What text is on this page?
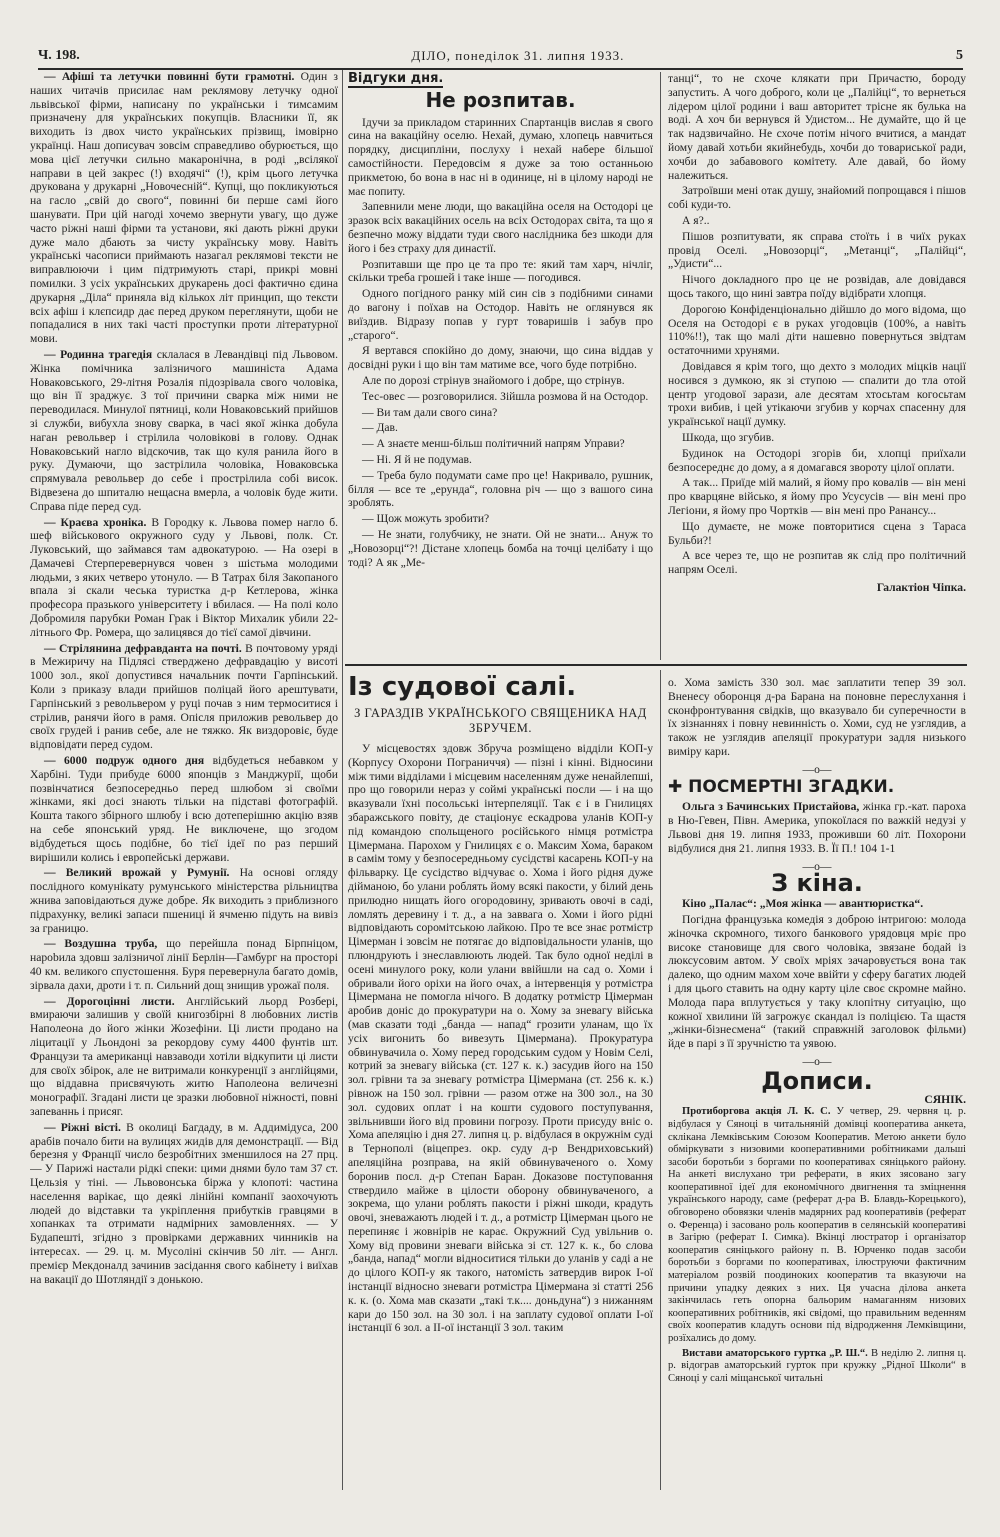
Ч. 198.	ДІЛО, понеділок 31. липня 1933.	5

— Афіші та летучки повинні бути грамотні. Один з наших читачів присилає нам реклямову летучку одної львівської фірми, написану по українськи і тимсамим призначену для українських покупців. Власники її, як виходить із двох чисто українських прізвищ, імовірно українці. Наш дописувач зовсім справедливо обурюється, що мова цієї летучки сильно макаронічна, в роді „всілякої направи в цей закрес (!) входячі“ (!), крім цього летучка друкована у друкарні „Новочесній“. Купці, що покликуються на гасло „свій до свого“, повинні би перше самі його шанувати. При цій нагоді хочемо звернути увагу, що дуже часто ріжні наші фірми та установи, які дають ріжні друки дуже мало дбають за чисту українську мову. Навіть українські часописи приймають назагал реклямові тексти не виправлюючи і цим підтримують старі, прикрі мовні помилки. З усіх українських друкарень досі фактично єдина друкарня „Діла“ приняла від кількох літ принцип, що тексти всіх афіш і клєпсидр дає перед друком переглянути, щоби не попадалися в них такі часті проступки проти літературної мови.

— Родинна трагедія склалася в Левандівці під Львовом. Жінка помічника залізничого машиніста Адама Новаковського, 29-літня Розалія підозрівала свого чоловіка, що він її зраджує. З тої причини сварка між ними не переводилася. Минулої пятниці, коли Новаковський прийшов зі служби, вибухла знову сварка, в часі якої жінка добула наган револьвер і стрілила чоловікові в голову. Однак Новаковський нагло відскочив, так що куля ранила його в руку. Думаючи, що застрілила чоловіка, Новаковська спрямувала револьвер до себе і прострілила собі висок. Відвезена до шпиталю нещасна вмерла, а чоловік буде жити. Справа піде перед суд.

— Краєва хроніка. В Городку к. Львова помер нагло б. шеф військового окружного суду у Львові, полк. Ст. Луковський, що займався там адвокатурою. — На озері в Дамачеві Стерперевернувся човен з шістьма молодими людьми, з яких четверо утонуло. — В Татрах біля Закопаного впала зі скали чеська туристка д-р Кетлерова, жінка професора празького університету і вбилася. — На полі коло Добромиля парубки Роман Грак і Віктор Михалик убили 22-літнього Фр. Ромера, що залицявся до тієї самої дівчини.

— Стрілянина дефравданта на почті. В почтовому уряді в Межиричу на Підлясі стверджено дефравдацію у висоті 1000 зол., якої допустився начальник почти Гарпінський. Коли з приказу влади прийшов поліцай його арештувати, Гарпінський з револьвером у руці почав з ним термоситися і стрілив, ранячи його в рамя. Опісля приложив револьвер до своїх грудей і ранив себе, але не тяжко. Як виздоровіє, буде відповідати перед судом.

— 6000 подруж одного дня відбудеться небавком у Харбіні. Туди прибуде 6000 японців з Манджурії, щоби позвінчатися безпосередньо перед шлюбом зі своїми жінками, які досі знають тільки на підставі фотографій. Кошта такого збірного шлюбу і всю дотеперішню акцію взяв на себе японський уряд. Не виключене, що згодом відбудеться щось подібне, бо тієї ідеї по раз перший вирішили колись і европейські держави.

— Великий врожай у Румунії. На основі огляду послідного комунікату румунського міністерства рільництва жнива заповідаються дуже добре. Як виходить з приблизного підрахунку, великі запаси пшениці й ячменю підуть на вивіз за границю.

— Воздушна труба, що перейшла понад Бірпніцом, нарobила здовш залізничої лінії Берлін—Гамбург на просторі 40 км. великого спустошення. Буря перевернула багато домів, зірвала дахи, дроти і т. п. Сильний дощ знищив урожаї поля.

— Дорогоцінні листи. Англійський льорд Розбері, вмираючи залишив у своїй книгозбірні 8 любовних листів Наполеона до його жінки Жозефіни. Ці листи продано на ліцитації у Льондоні за рекордову суму 4400 фунтів шт. Французи та американці навзаводи хотіли відкупити ці листи для своїх збірок, але не витримали конкуренції з англійцями, що віддавна присвячують житю Наполеона величезні монографії. Згадані листи це зразки любовної ніжності, повні запеваннь і присяг.

— Ріжні вісті. В околиці Багдаду, в м. Аддимідуса, 200 арабів почало бити на вулицях жидів для демонстрації. — Від березня у Франції число безробітних зменшилося на 27 прц. — У Парижі настали рідкі спеки: цими днями було там 37 ст. Цельзія у тіні. — Львовонська біржа у клопоті: частина населення варікає, що деякі лінійні компанії заохочують людей до відставки та укріплення прибутків гравцями в хопанках та отримати надмірних замовленнях. — У Будапешті, згідно з провірками державних чинників на інтересах. — 29. ц. м. Мусоліні скінчив 50 літ. — Англ. премієр Мекдоналд зачинив засідання свого кабінету і виїхав на вакації до Шотляндії з донькою.

Відгуки дня.
Не розпитав.

Ідучи за прикладом старинних Спартанців вислав я свого сина на вакаційну оселю. Нехай, думаю, хлопець навчиться порядку, дисципліни, послуху і нехай набере більшої самостійности. Передовсім я дуже за тою останньою прикметою, бо вона в нас ні в одинице, ні в цілому народі не має попиту.

Запевнили мене люди, що вакаційна оселя на Остодорі це зразок всіх вакаційних осель на всіх Остодорах світа, та що я безпечно можу віддати туди свого наслідника без шкоди для його і без страху для династії.

Розпитавши ще про це та про те: який там харч, нічліг, скільки треба грошей і таке інше — погодився.

Одного погідного ранку мій син сів з подібними синами до вагону і поїхав на Остодор. Навіть не оглянувся як виїздив. Відразу попав у гурт товаришів і забув про „старого“.

Я вертався спокійно до дому, знаючи, що сина віддав у досвідні руки і що він там матиме все, чого буде потрібно.

Але по дорозі стрінув знайомого і добре, що стрінув.

Тес-овес — розговорилися. Зійшла розмова й на Остодор.

— Ви там дали свого сина?

— Дав.

— А знаєте менш-більш політичний напрям Управи?

— Ні. Я й не подумав.

— Треба було подумати саме про це! Накривало, рушник, білля — все те „ерунда“, головна річ — що з вашого сина зроблять.

— Щож можуть зробити?

— Не знати, голубчику, не знати. Ой не знати... Ануж то „Новозорці“?! Дістане хлопець бомба на точці целібату і що тоді? А як „Ме-

танці“, то не схоче клякати при Причастю, бороду запустить. А чого доброго, коли це „Палійці“, то вернеться лідером цілої родини і ваш авторитет трісне як булька на воді. А хоч би вернувся й Удистом... Не думайте, що й це так надзвичайно. Не схоче потім нічого вчитися, а мандат йому давай хотьби якийнебудь, хочби до товариської ради, хочби до забавового комітету. Але давай, бо йому належиться.

Затроївши мені отак душу, знайомий попрощався і пішов собі куди-то.

А я?..

Пішов розпитувати, як справа стоїть і в чиїх руках провід Оселі. „Новозорці“, „Метанці“, „Палійці“, „Удисти“...

Нічого докладного про це не розвідав, але довідався щось такого, що нині завтра поїду відібрати хлопця.

Дорогою Конфіденціонально дійшло до мого відома, що Оселя на Остодорі є в руках угодовців (100%, а навіть 110%!!), так що малі діти нашевно повернуться звідтам остаточними хрунями.

Довідався я крім того, що дехто з молодих міцків нації носився з думкою, як зі ступою — спалити до тла отой центр угодової зарази, але десятам хтосьтам когосьтам трохи вибив, і цей утікаючи згубив у корчах спасенну для української нації думку.

Шкода, що згубив.

Будинок на Остодорі згорів би, хлопці приїхали безпосереднє до дому, а я домагався звороту цілої оплати.

А так... Приїде мій малий, я йому про ковалів — він мені про кварцяне військо, я йому про Усусусів — він мені про Легіони, я йому про Чортків — він мені про Ранансу...

Що думаєте, не може повторитися сцена з Тараса Бульби?!

А все через те, що не розпитав як слід про політичний напрям Оселі.

Галактіон Чіпка.

Із судової салі.
З ГАРАЗДІВ УКРАЇНСЬКОГО СВЯЩЕНИКА НАД ЗБРУЧЕМ.

У місцевостях здовж Збруча розміщено відділи КОП-у (Корпусу Охорони Пограниччя) — пізні і кінні. Відносини між тими відділами і місцевим населенням дуже ненайлепші, про що говорили нераз у соймі українські посли — і на що вказували їхні посольські інтерпеляції. Так є і в Гнилицях збаражського повіту, де стаціонує ескадрова уланів КОП-у під командою спольщеного російського німця ротмістра Цімермана. Парохом у Гнилицях є о. Максим Хома, бараком в самім тому у безпосередньому сусідстві касарень КОП-у на фільварку. Це сусідство відчуває о. Хома і його рідня дуже дійманою, бо улани роблять йому всякі пакости, у білий день прилюдно нищать його огородовину, зривають овочі в саді, ломлять деревину і т. д., а на заввага о. Хоми і його рідні відповідають соромітською лайкою. Про те все знає ротмістр Цімерман і зовсім не потягає до відповідальности уланів, що плюндрують і знеславлюють людей. Так було одної неділі в осені минулого року, коли улани ввійшли на сад о. Хоми і обривали його оріхи на його очах, а інтервенція у ротмістра Цімермана не помогла нічого. В додатку ротмістр Цімерман аробив доніс до прокуратури на о. Хому за зневагу війська (мав сказати тоді „банда — напад“ грозити уланам, що їх усіх вигонить бо вивезуть Цімермана). Прокуратура обвинувачила о. Хому перед городським судом у Новім Селі, котрий за зневагу війська (ст. 127 к. к.) засудив його на 150 зол. грівни та за зневагу ротмістра Цімермана (ст. 256 к. к.) рівнож на 150 зол. грівни — разом отже на 300 зол., на 30 зол. судових оплат і на кошти судового поступування, звільнивши його від провини погрозу. Проти присуду вніс о. Хома апеляцію і дня 27. липня ц. р. відбулася в окружнім суді в Тернополі (віцепрез. окр. суду д-р Вендриховський) апеляційна розправа, на якій обвинуваченого о. Хому боронив посл. д-р Степан Баран. Доказове поступовання ствердило майже в цілости оборону обвинуваченого, а зокрема, що улани роблять пакости і ріжні шкоди, крадуть овочі, зневажають людей і т. д., а ротмістр Цімерман цього не перепиняє і жовнірів не карає. Окружний Суд увільнив о. Хому від провини зневаги війська зі ст. 127 к. к., бо слова „банда, напад“ могли відноситися тільки до уланів у саді а не до цілого КОП-у як такого, натомість затвердив вирок І-ої інстанції відносно зневаги ротмістра Цімермана зі статті 256 к. к. (о. Хома мав сказати „такі т.к.... доньдуна“) з нижанням кари до 150 зол. на 30 зол. і на заплату судової оплати І-ої інстанції 6 зол. а ІІ-ої інстанції 3 зол. таким

о. Хома замість 330 зол. має заплатити тепер 39 зол. Вненесу оборонця д-ра Барана на поновне переслухання і сконфронтування свідків, що вказувало би суперечности в їх зізнаннях і повну невинність о. Хоми, суд не узглядив, а також не узглядив апеляції прокуратури задля низького виміру кари.

—o—
✚ ПОСМЕРТНІ ЗГАДКИ.

Ольга з Бачинських Пристайова, жінка гр.-кат. пароха в Ню-Гевен, Півн. Америка, упокоїлася по важкій недузі у Львові дня 19. липня 1933, проживши 60 літ. Похорони відбулися дня 21. липня 1933. В. Її П.! 104 1-1

—o—
З кіна.

Кіно „Палас“: „Моя жінка — авантюристка“.

Погідна французька комедія з доброю інтригою: молода жіночка скромного, тихого банкового урядовця мріє про високе становище для свого чоловіка, звязане бодай із люксусовим автом. У своїх мріях зачаровується вона так далеко, що одним махом хоче ввійти у сферу багатих людей і для цього ставить на одну карту ціле своє скромне майно. Молода пара вплутується у таку клопітну ситуацію, що кожної хвилини їй загрожує скандал із поліцією. Та щастя „жінки-бізнесмена“ (такий справжній заголовок фільми) йде в парі з її зручністю та уявою.

—o—
Дописи.
СЯНІК.

Протиборгова акція Л. К. С. У четвер, 29. червня ц. р. відбулася у Сяноці в читальняній домівці кооператива анкета, склікана Лемківським Союзом Кооператив. Метою анкети було обміркувати з низовими кооперативними робітниками дальші засоби боротьби з боргами по кооперативах сяніцького району. На анкеті вислухано три реферати, в яких зясовано загу кооперативної ідеї для економічного двигнення та зміцнення українського народу, саме (реферат д-ра В. Блавдь-Корецького), обговорено обовязки членів мадярних рад кооперативів (реферат о. Ференца) і засовано роль кооператив в селянській кооперативі в Загірю (реферат І. Симка). Вкінці люстратор і організатор кооператив сяніцького району п. В. Юрченко подав засоби боротьби з боргами по кооперативах, ілюструючи фактичним матеріалом розвій поодиноких кооператив та вказуючи на причини упадку деяких з них. Ця учасна ділова анкета закінчилась геть опорна бальорим намаганням низових кооперативних робітників, які свідомі, що правильним веденням своїх кооператив кладуть основи під відродження Лемківщини, розїхались до дому.

Вистави аматорського гуртка „Р. Ш.“. В неділю 2. липня ц. р. відограв аматорський гурток при кружку „Рідної Школи“ в Сяноці у салі міщанської читальні
